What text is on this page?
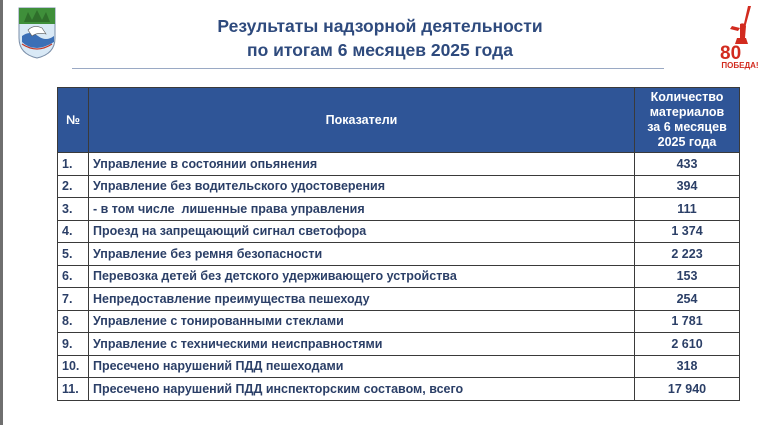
Результаты надзорной деятельности
по итогам 6 месяцев 2025 года	80
ПОБЕДА!
№	Показатели	Количество
материалов
за 6 месяцев
2025 года

1.	Управление в состоянии опьянения	433
2.	Управление без водительского удостоверения	394
3.	- в том числе  лишенные права управления	111
4.	Проезд на запрещающий сигнал светофора	1 374
5.	Управление без ремня безопасности	2 223
6.	Перевозка детей без детского удерживающего устройства	153
7.	Непредоставление преимущества пешеходу	254
8.	Управление с тонированными стеклами	1 781
9.	Управление с техническими неисправностями	2 610
10.	Пресечено нарушений ПДД пешеходами	318
11.	Пресечено нарушений ПДД инспекторским составом, всего	17 940
